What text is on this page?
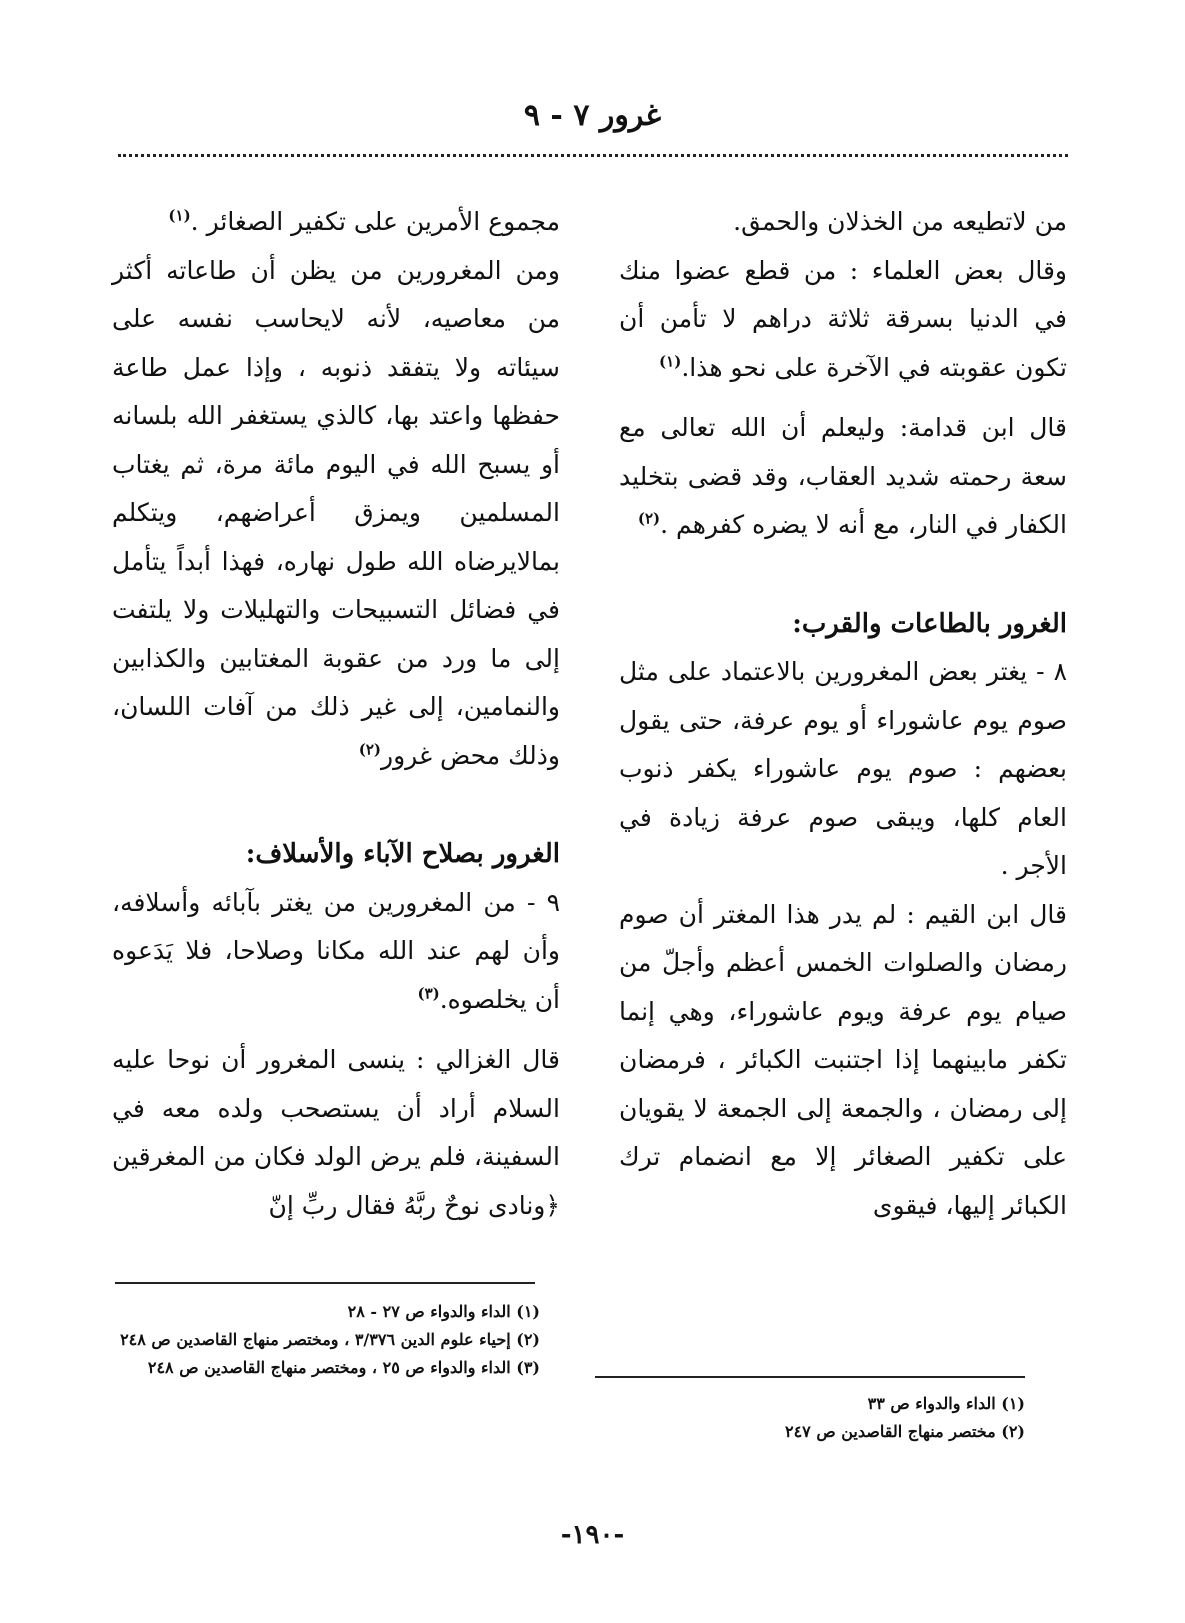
غرور ٧ - ٩

من لاتطيعه من الخذلان والحمق.

وقال بعض العلماء : من قطع عضوا منك في الدنيا بسرقة ثلاثة دراهم لا تأمن أن تكون عقوبته في الآخرة على نحو هذا.$^{(١)}$

قال ابن قدامة: وليعلم أن الله تعالى مع سعة رحمته شديد العقاب، وقد قضى بتخليد الكفار في النار، مع أنه لا يضره كفرهم .$^{(٢)}$

الغرور بالطاعات والقرب:

٨ - يغتر بعض المغرورين بالاعتماد على مثل صوم يوم عاشوراء أو يوم عرفة، حتى يقول بعضهم : صوم يوم عاشوراء يكفر ذنوب العام كلها، ويبقى صوم عرفة زيادة في الأجر .

قال ابن القيم : لم يدر هذا المغتر أن صوم رمضان والصلوات الخمس أعظم وأجلّ من صيام يوم عرفة ويوم عاشوراء، وهي إنما تكفر مابينهما إذا اجتنبت الكبائر ، فرمضان إلى رمضان ، والجمعة إلى الجمعة لا يقويان على تكفير الصغائر إلا مع انضمام ترك الكبائر إليها، فيقوى

مجموع الأمرين على تكفير الصغائر .$^{(١)}$

ومن المغرورين من يظن أن طاعاته أكثر من معاصيه، لأنه لايحاسب نفسه على سيئاته ولا يتفقد ذنوبه ، وإذا عمل طاعة حفظها واعتد بها، كالذي يستغفر الله بلسانه أو يسبح الله في اليوم مائة مرة، ثم يغتاب المسلمين ويمزق أعراضهم، ويتكلم بمالايرضاه الله طول نهاره، فهذا أبداً يتأمل في فضائل التسبيحات والتهليلات ولا يلتفت إلى ما ورد من عقوبة المغتابين والكذابين والنمامين، إلى غير ذلك من آفات اللسان، وذلك محض غرور$^{(٢)}$

الغرور بصلاح الآباء والأسلاف:

٩ - من المغرورين من يغتر بآبائه وأسلافه، وأن لهم عند الله مكانا وصلاحا، فلا يَدَعوه أن يخلصوه.$^{(٣)}$

قال الغزالي : ينسى المغرور أن نوحا عليه السلام أراد أن يستصحب ولده معه في السفينة، فلم يرض الولد فكان من المغرقين ﴿ونادى نوحٌ ربَّهُ فقال ربِّ إنّ

(١) الداء والدواء ص ٣٣

(٢) مختصر منهاج القاصدين ص ٢٤٧

(١) الداء والدواء ص ٢٧ - ٢٨

(٢) إحياء علوم الدين ٣/٣٧٦ ، ومختصر منهاج القاصدين ص ٢٤٨

(٣) الداء والدواء ص ٢٥ ، ومختصر منهاج القاصدين ص ٢٤٨

-١٩٠-
